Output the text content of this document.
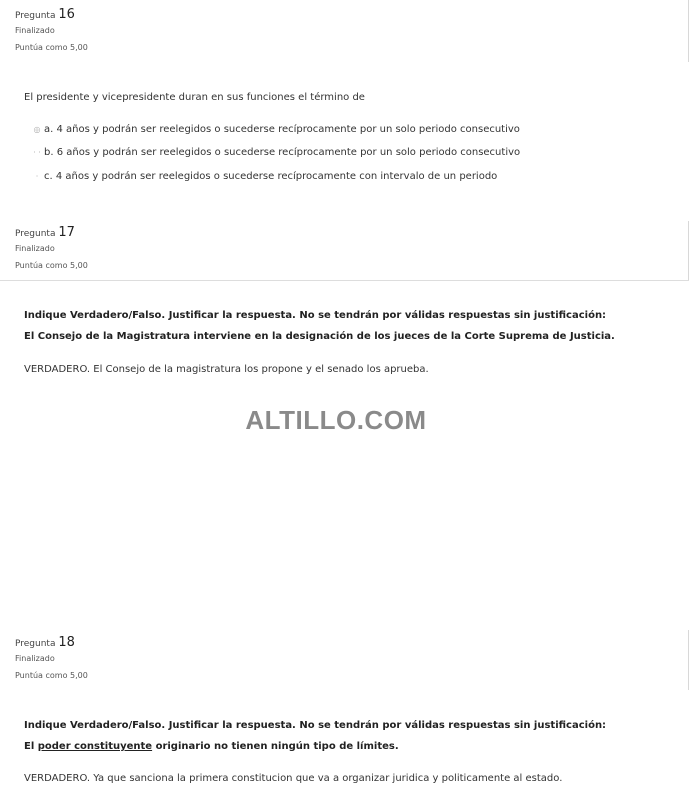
Pregunta 16
Finalizado
Puntúa como 5,00
El presidente y vicepresidente duran en sus funciones el término de
◎ a. 4 años y podrán ser reelegidos o sucederse recíprocamente por un solo periodo consecutivo
· · b. 6 años y podrán ser reelegidos o sucederse recíprocamente por un solo periodo consecutivo
· c. 4 años y podrán ser reelegidos o sucederse recíprocamente con intervalo de un periodo
Pregunta 17
Finalizado
Puntúa como 5,00
Indique Verdadero/Falso. Justificar la respuesta. No se tendrán por válidas respuestas sin justificación:
El Consejo de la Magistratura interviene en la designación de los jueces de la Corte Suprema de Justicia.
VERDADERO. El Consejo de la magistratura los propone y el senado los aprueba.
ALTILLO.COM
Pregunta 18
Finalizado
Puntúa como 5,00
Indique Verdadero/Falso. Justificar la respuesta. No se tendrán por válidas respuestas sin justificación:
El poder constituyente originario no tienen ningún tipo de límites.
VERDADERO. Ya que sanciona la primera constitucion que va a organizar juridica y politicamente al estado.
